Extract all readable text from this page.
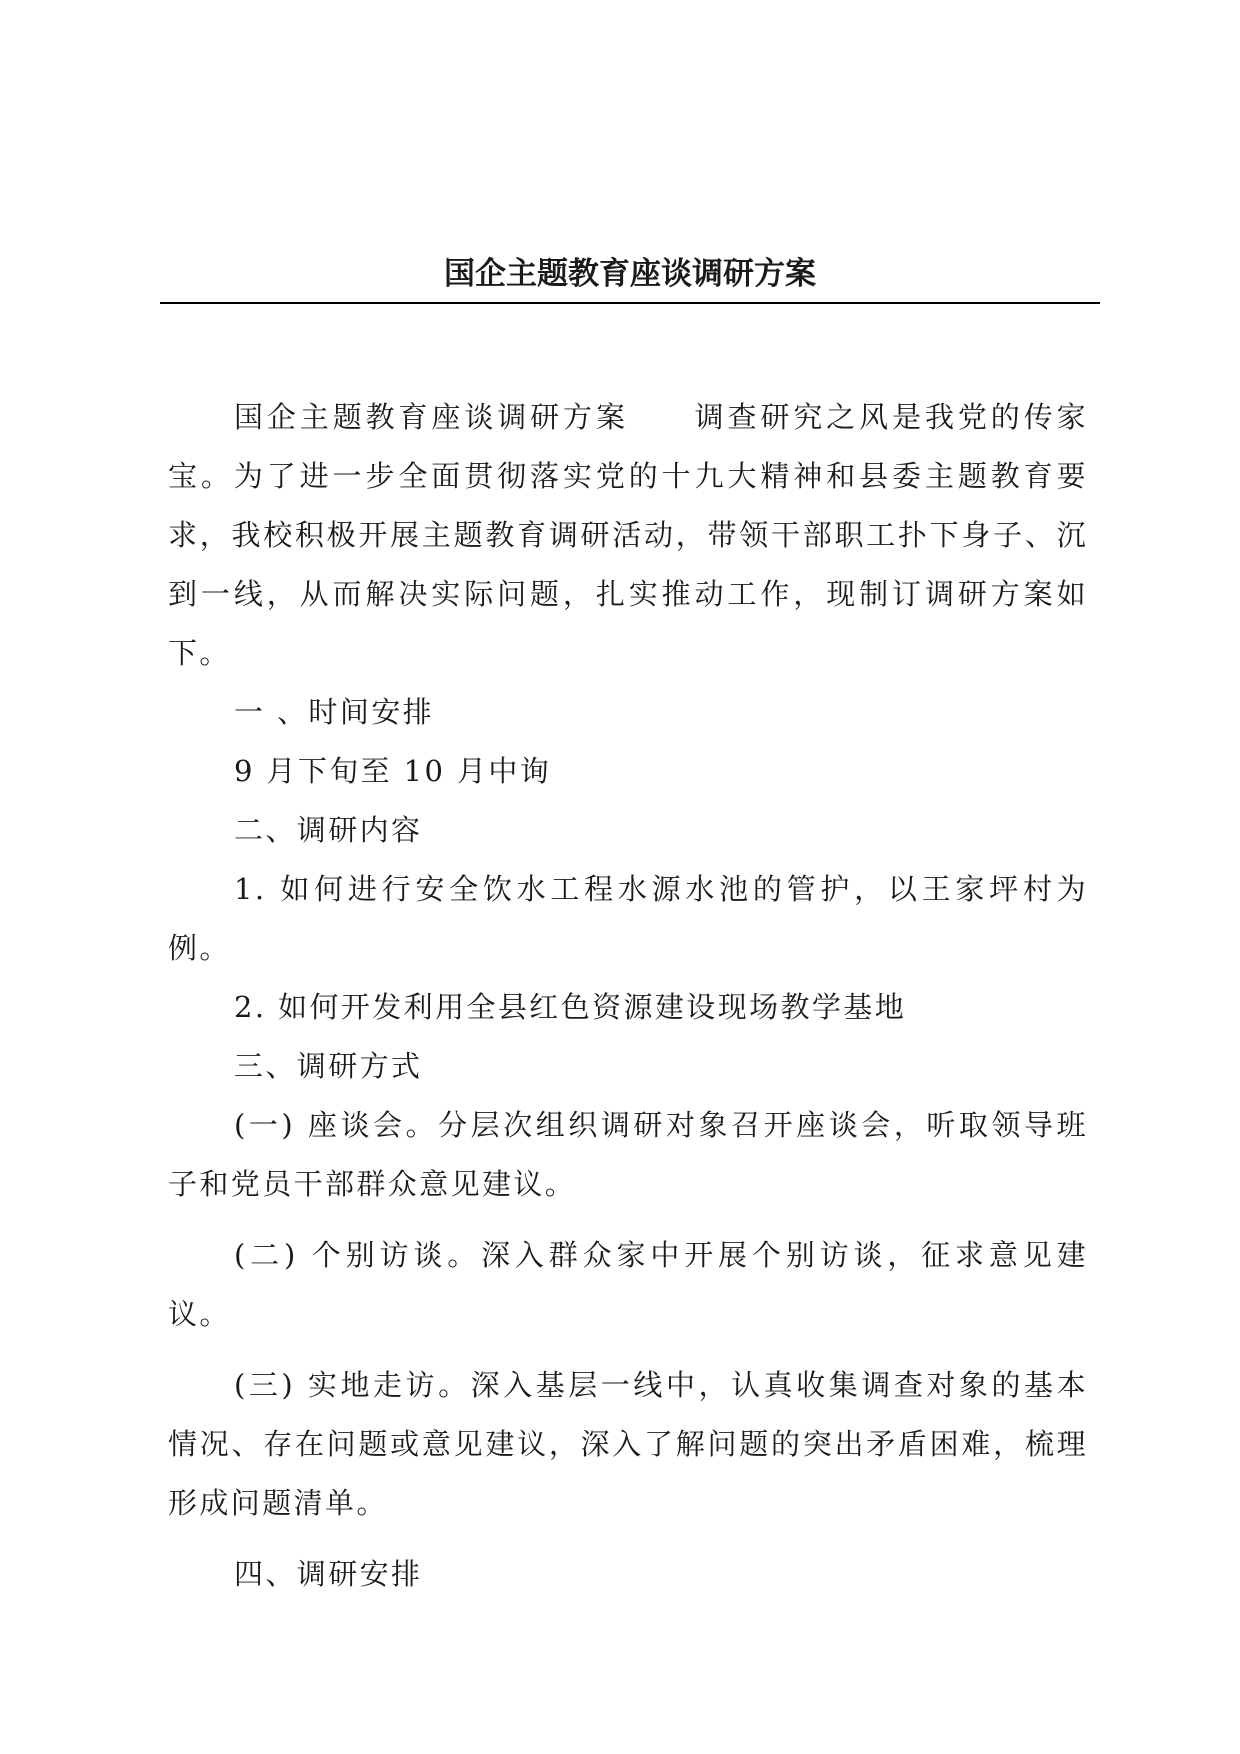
国企主题教育座谈调研方案

国企主题教育座谈调研方案　　调查研究之风是我党的传家宝。为了进一步全面贯彻落实党的十九大精神和县委主题教育要求，我校积极开展主题教育调研活动，带领干部职工扑下身子、沉到一线，从而解决实际问题，扎实推动工作，现制订调研方案如下。

一 、时间安排

9 月下旬至 10 月中询

二、调研内容

1. 如何进行安全饮水工程水源水池的管护，以王家坪村为例。

2. 如何开发利用全县红色资源建设现场教学基地

三、调研方式

(一) 座谈会。分层次组织调研对象召开座谈会，听取领导班子和党员干部群众意见建议。

(二) 个别访谈。深入群众家中开展个别访谈，征求意见建议。

(三) 实地走访。深入基层一线中，认真收集调查对象的基本情况、存在问题或意见建议，深入了解问题的突出矛盾困难，梳理形成问题清单。

四、调研安排
